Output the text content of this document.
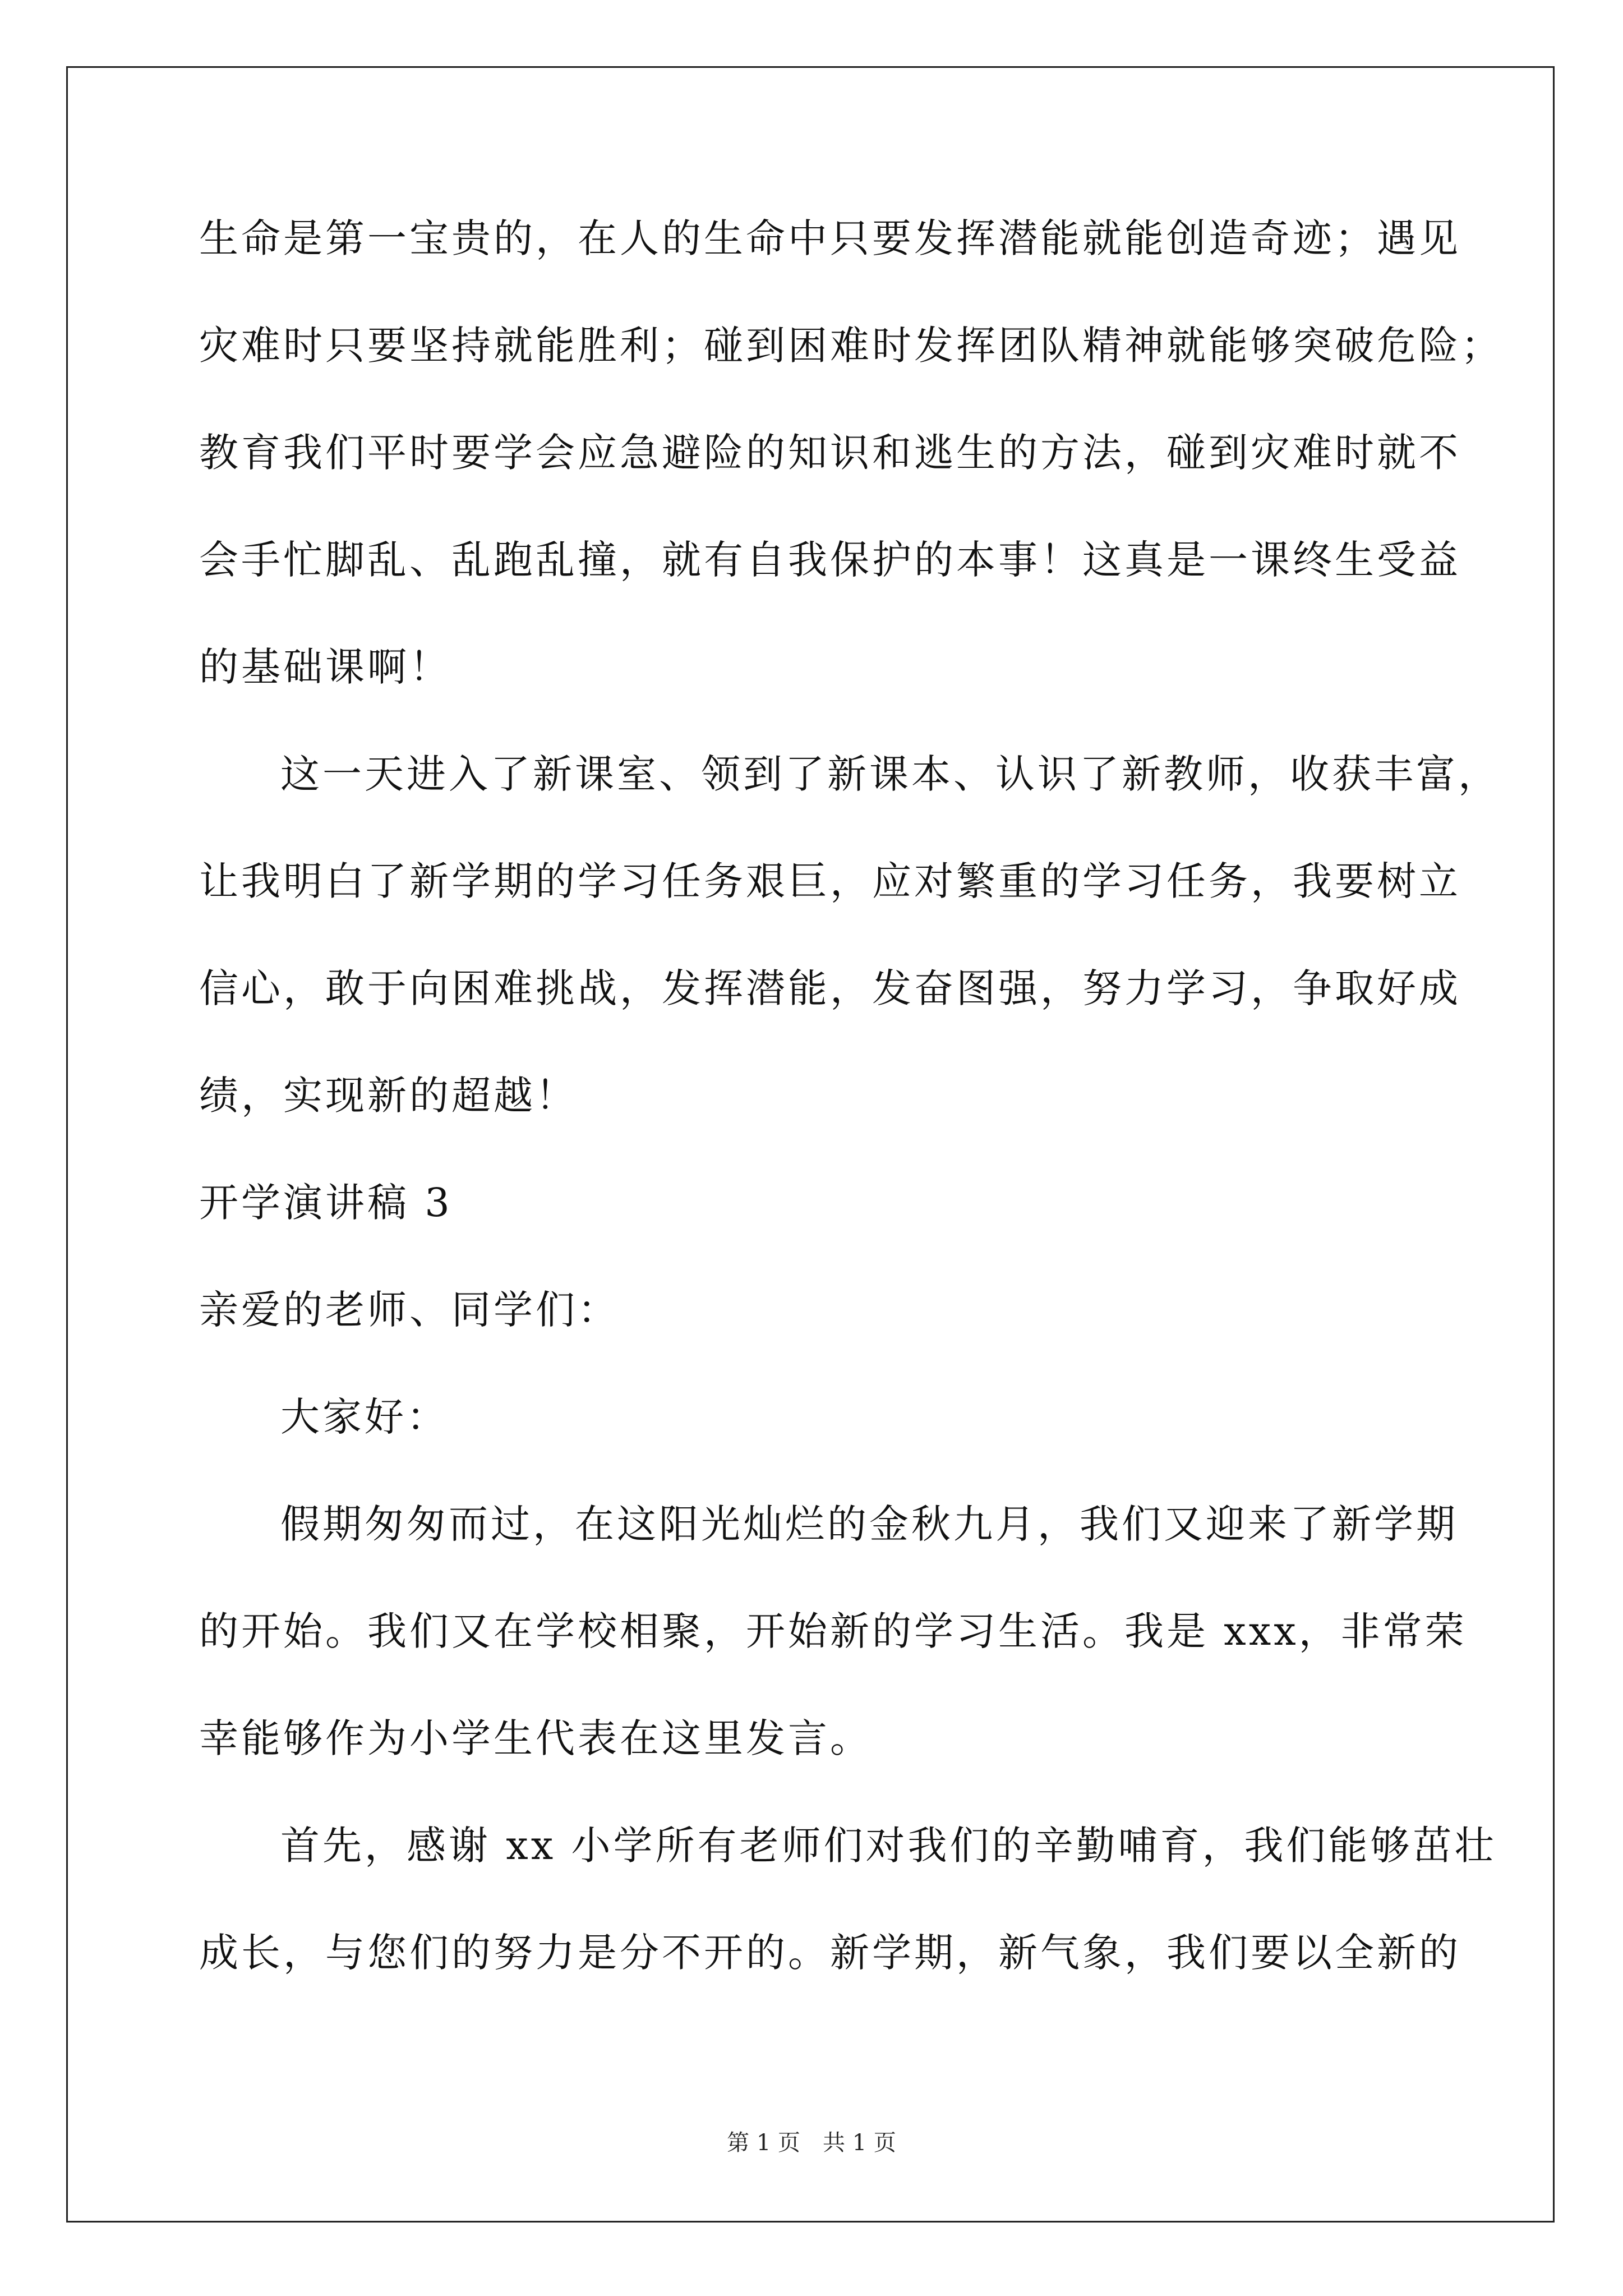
生命是第一宝贵的，在人的生命中只要发挥潜能就能创造奇迹；遇见
灾难时只要坚持就能胜利；碰到困难时发挥团队精神就能够突破危险；
教育我们平时要学会应急避险的知识和逃生的方法，碰到灾难时就不
会手忙脚乱、乱跑乱撞，就有自我保护的本事！这真是一课终生受益
的基础课啊！
这一天进入了新课室、领到了新课本、认识了新教师，收获丰富，
让我明白了新学期的学习任务艰巨，应对繁重的学习任务，我要树立
信心，敢于向困难挑战，发挥潜能，发奋图强，努力学习，争取好成
绩，实现新的超越！
开学演讲稿 3
亲爱的老师、同学们：
大家好：
假期匆匆而过，在这阳光灿烂的金秋九月，我们又迎来了新学期
的开始。我们又在学校相聚，开始新的学习生活。我是 xxx，非常荣
幸能够作为小学生代表在这里发言。
首先，感谢 xx 小学所有老师们对我们的辛勤哺育，我们能够茁壮
成长，与您们的努力是分不开的。新学期，新气象，我们要以全新的
第 1 页　共 1 页
